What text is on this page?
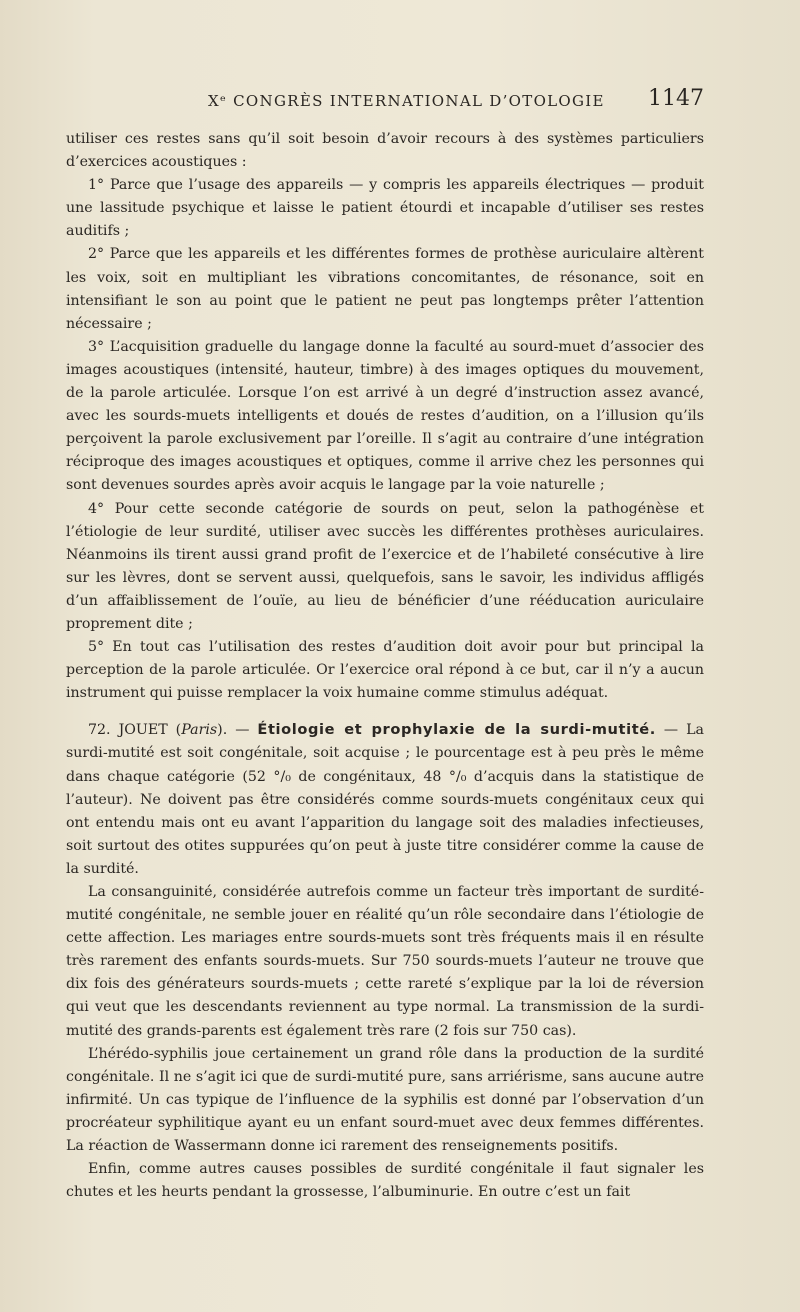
Xᵉ CONGRÈS INTERNATIONAL D’OTOLOGIE 1147

utiliser ces restes sans qu’il soit besoin d’avoir recours à des systèmes particuliers d’exercices acoustiques :

1° Parce que l’usage des appareils — y compris les appareils électriques — produit une lassitude psychique et laisse le patient étourdi et incapable d’utiliser ses restes auditifs ;

2° Parce que les appareils et les différentes formes de prothèse auriculaire altèrent les voix, soit en multipliant les vibrations concomitantes, de résonance, soit en intensifiant le son au point que le patient ne peut pas longtemps prêter l’attention nécessaire ;

3° L’acquisition graduelle du langage donne la faculté au sourd-muet d’associer des images acoustiques (intensité, hauteur, timbre) à des images optiques du mouvement, de la parole articulée. Lorsque l’on est arrivé à un degré d’instruction assez avancé, avec les sourds-muets intelligents et doués de restes d’audition, on a l’illusion qu’ils perçoivent la parole exclusivement par l’oreille. Il s’agit au contraire d’une intégration réciproque des images acoustiques et optiques, comme il arrive chez les personnes qui sont devenues sourdes après avoir acquis le langage par la voie naturelle ;

4° Pour cette seconde catégorie de sourds on peut, selon la pathogénèse et l’étiologie de leur surdité, utiliser avec succès les différentes prothèses auriculaires. Néanmoins ils tirent aussi grand profit de l’exercice et de l’habileté consécutive à lire sur les lèvres, dont se servent aussi, quelquefois, sans le savoir, les individus affligés d’un affaiblissement de l’ouïe, au lieu de bénéficier d’une rééducation auriculaire proprement dite ;

5° En tout cas l’utilisation des restes d’audition doit avoir pour but principal la perception de la parole articulée. Or l’exercice oral répond à ce but, car il n’y a aucun instrument qui puisse remplacer la voix humaine comme stimulus adéquat.

72. JOUET (Paris). — Étiologie et prophylaxie de la surdi-mutité. — La surdi-mutité est soit congénitale, soit acquise ; le pourcentage est à peu près le même dans chaque catégorie (52 °/₀ de congénitaux, 48 °/₀ d’acquis dans la statistique de l’auteur). Ne doivent pas être considérés comme sourds-muets congénitaux ceux qui ont entendu mais ont eu avant l’apparition du langage soit des maladies infectieuses, soit surtout des otites suppurées qu’on peut à juste titre considérer comme la cause de la surdité.

La consanguinité, considérée autrefois comme un facteur très important de surdité-mutité congénitale, ne semble jouer en réalité qu’un rôle secondaire dans l’étiologie de cette affection. Les mariages entre sourds-muets sont très fréquents mais il en résulte très rarement des enfants sourds-muets. Sur 750 sourds-muets l’auteur ne trouve que dix fois des générateurs sourds-muets ; cette rareté s’explique par la loi de réversion qui veut que les descendants reviennent au type normal. La transmission de la surdi-mutité des grands-parents est également très rare (2 fois sur 750 cas).

L’hérédo-syphilis joue certainement un grand rôle dans la production de la surdité congénitale. Il ne s’agit ici que de surdi-mutité pure, sans arriérisme, sans aucune autre infirmité. Un cas typique de l’influence de la syphilis est donné par l’observation d’un procréateur syphilitique ayant eu un enfant sourd-muet avec deux femmes différentes. La réaction de Wassermann donne ici rarement des renseignements positifs.

Enfin, comme autres causes possibles de surdité congénitale il faut signaler les chutes et les heurts pendant la grossesse, l’albuminurie. En outre c’est un fait
